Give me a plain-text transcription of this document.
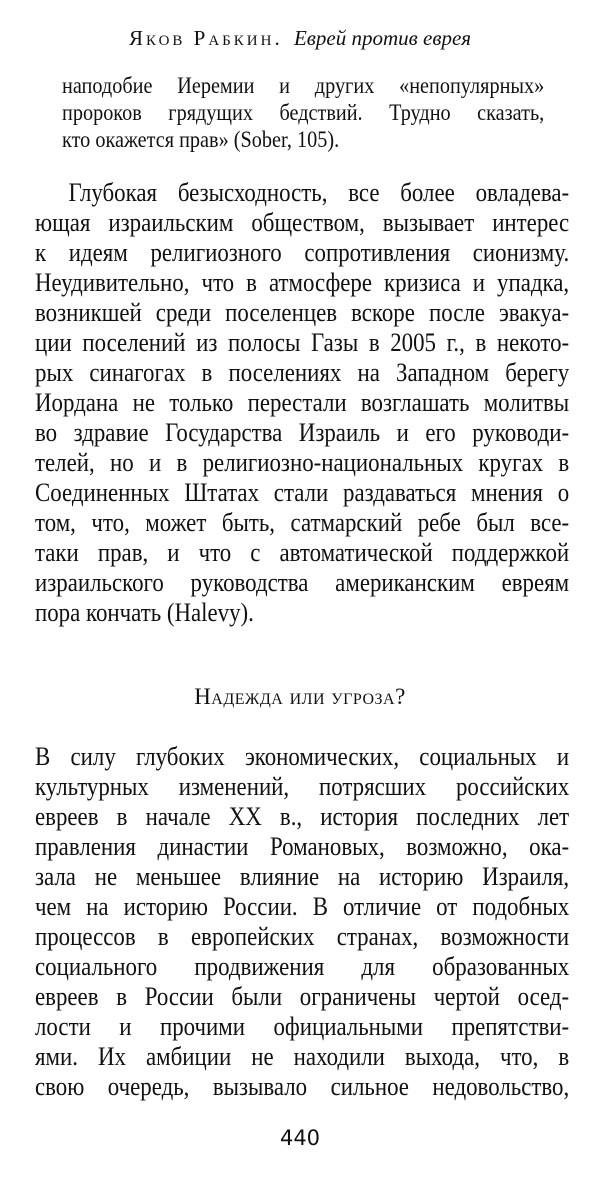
Яков Рабкин. Еврей против еврея
наподобие Иеремии и других «непопулярных»
пророков грядущих бедствий. Трудно сказать,
кто окажется прав» (Sober, 105).
Глубокая безысходность, все более овладева-
ющая израильским обществом, вызывает интерес
к идеям религиозного сопротивления сионизму.
Неудивительно, что в атмосфере кризиса и упадка,
возникшей среди поселенцев вскоре после эвакуа-
ции поселений из полосы Газы в 2005 г., в некото-
рых синагогах в поселениях на Западном берегу
Иордана не только перестали возглашать молитвы
во здравие Государства Израиль и его руководи-
телей, но и в религиозно-национальных кругах в
Соединенных Штатах стали раздаваться мнения о
том, что, может быть, сатмарский ребе был все-
таки прав, и что с автоматической поддержкой
израильского руководства американским евреям
пора кончать (Halevy).
Надежда или угроза?
В силу глубоких экономических, социальных и
культурных изменений, потрясших российских
евреев в начале XX в., история последних лет
правления династии Романовых, возможно, ока-
зала не меньшее влияние на историю Израиля,
чем на историю России. В отличие от подобных
процессов в европейских странах, возможности
социального продвижения для образованных
евреев в России были ограничены чертой осед-
лости и прочими официальными препятстви-
ями. Их амбиции не находили выхода, что, в
свою очередь, вызывало сильное недовольство,
440
